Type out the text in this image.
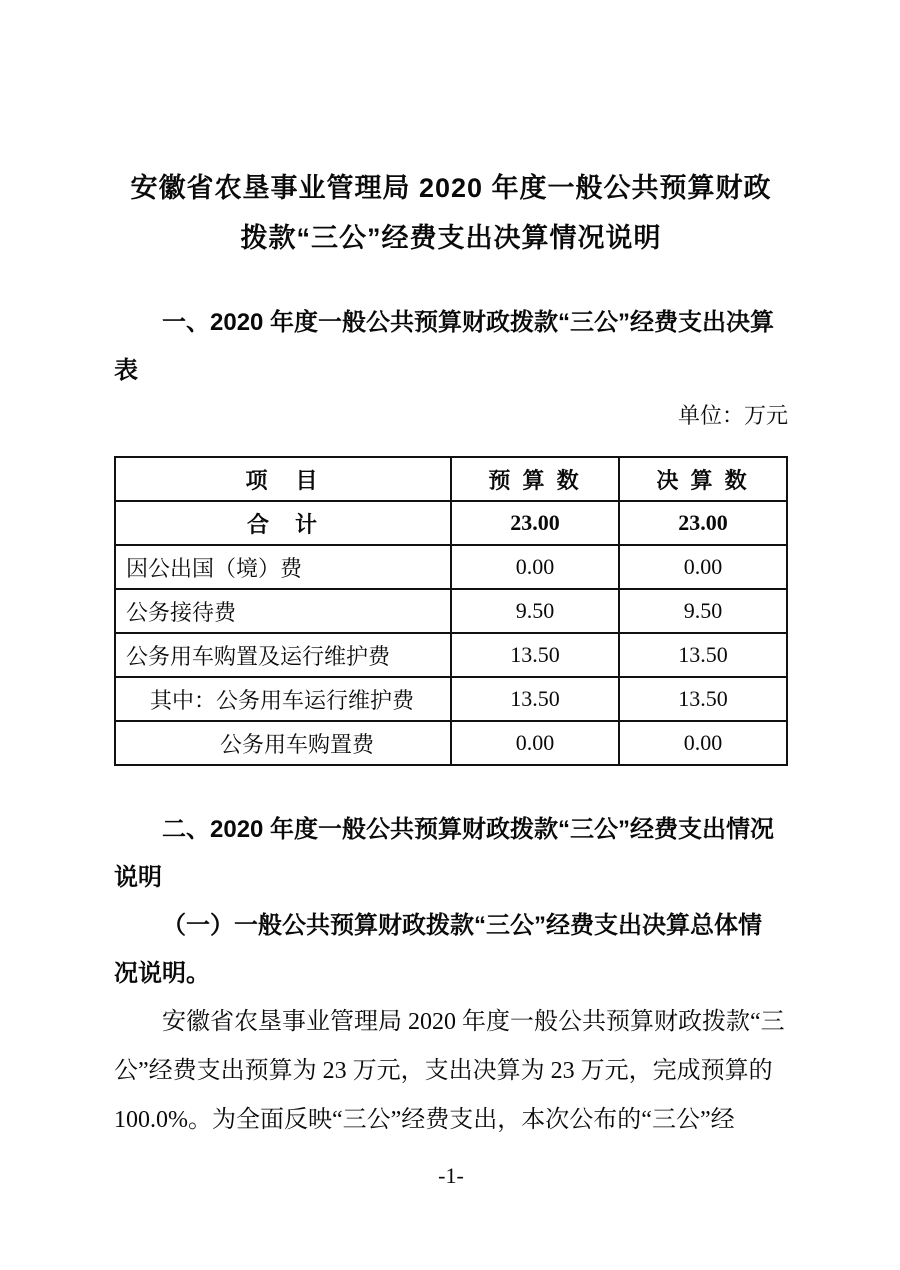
安徽省农垦事业管理局 2020 年度一般公共预算财政
拨款“三公”经费支出决算情况说明
一、2020 年度一般公共预算财政拨款“三公”经费支出决算
表
单位：万元
项　目	预 算 数	决 算 数
合　计	23.00	23.00
因公出国（境）费	0.00	0.00
公务接待费	9.50	9.50
公务用车购置及运行维护费	13.50	13.50
其中：公务用车运行维护费	13.50	13.50
公务用车购置费	0.00	0.00
二、2020 年度一般公共预算财政拨款“三公”经费支出情况
说明
（一）一般公共预算财政拨款“三公”经费支出决算总体情
况说明。
安徽省农垦事业管理局 2020 年度一般公共预算财政拨款“三
公”经费支出预算为 23 万元，支出决算为 23 万元，完成预算的
100.0%。为全面反映“三公”经费支出，本次公布的“三公”经
-1-
